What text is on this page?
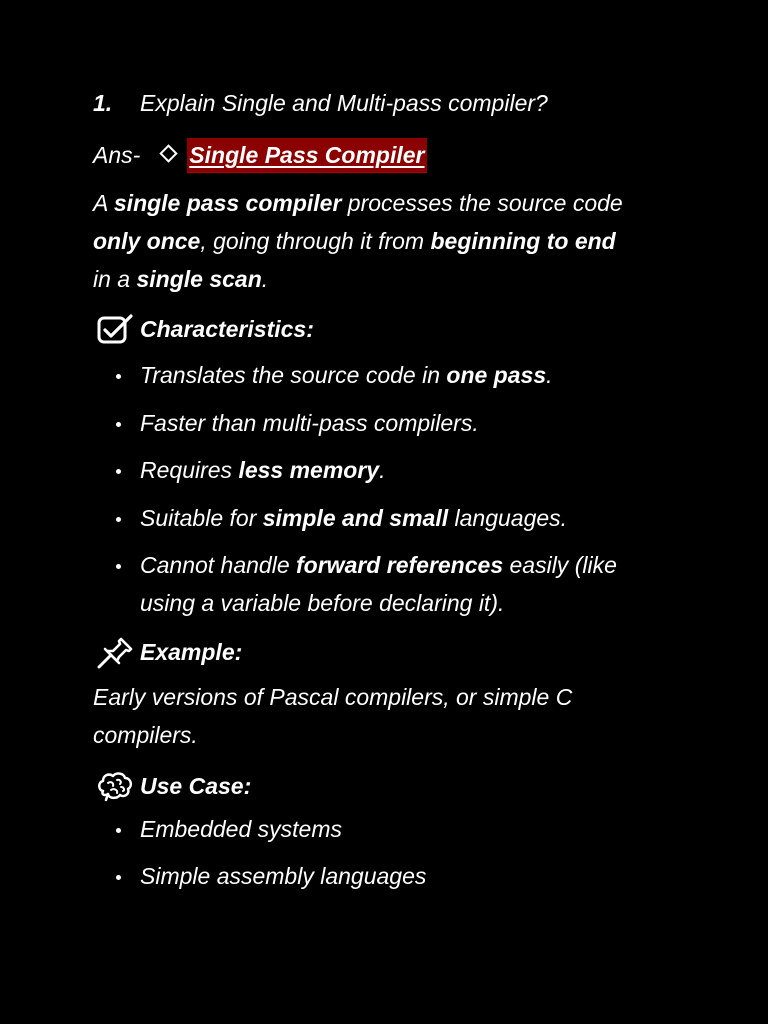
1. Explain Single and Multi-pass compiler?
Ans- Single Pass Compiler
A single pass compiler processes the source code
only once, going through it from beginning to end
in a single scan.
Characteristics:
Translates the source code in one pass.
Faster than multi-pass compilers.
Requires less memory.
Suitable for simple and small languages.
Cannot handle forward references easily (like
using a variable before declaring it).
Example:
Early versions of Pascal compilers, or simple C
compilers.
Use Case:
Embedded systems
Simple assembly languages
